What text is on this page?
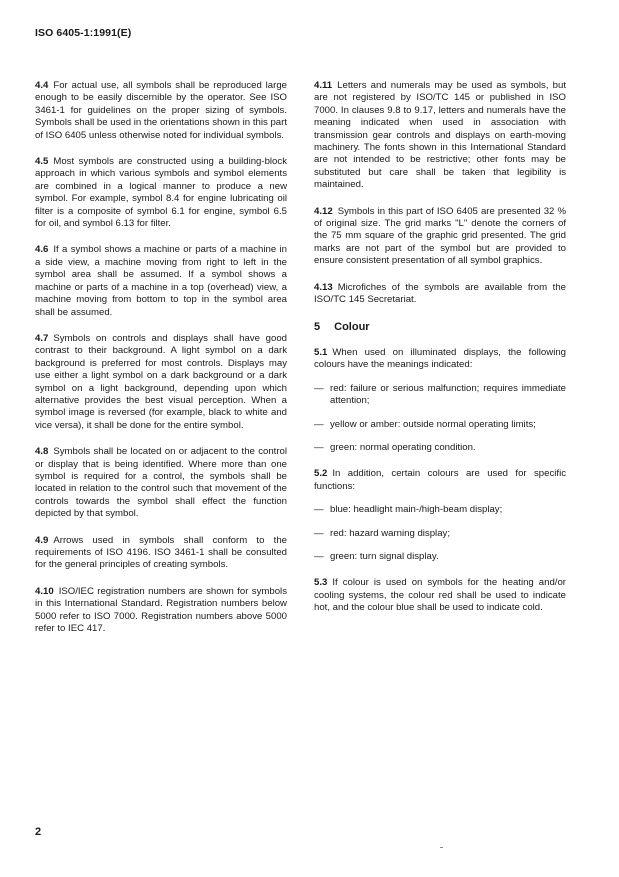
ISO 6405-1:1991(E)

4.4 For actual use, all symbols shall be reproduced large enough to be easily discernible by the operator. See ISO 3461-1 for guidelines on the proper sizing of symbols. Symbols shall be used in the orientations shown in this part of ISO 6405 unless otherwise noted for individual symbols.

4.5 Most symbols are constructed using a building-block approach in which various symbols and symbol elements are combined in a logical manner to produce a new symbol. For example, symbol 8.4 for engine lubricating oil filter is a composite of symbol 6.1 for engine, symbol 6.5 for oil, and symbol 6.13 for filter.

4.6 If a symbol shows a machine or parts of a machine in a side view, a machine moving from right to left in the symbol area shall be assumed. If a symbol shows a machine or parts of a machine in a top (overhead) view, a machine moving from bottom to top in the symbol area shall be assumed.

4.7 Symbols on controls and displays shall have good contrast to their background. A light symbol on a dark background is preferred for most controls. Displays may use either a light symbol on a dark background or a dark symbol on a light background, depending upon which alternative provides the best visual perception. When a symbol image is reversed (for example, black to white and vice versa), it shall be done for the entire symbol.

4.8 Symbols shall be located on or adjacent to the control or display that is being identified. Where more than one symbol is required for a control, the symbols shall be located in relation to the control such that movement of the controls towards the symbol shall effect the function depicted by that symbol.

4.9 Arrows used in symbols shall conform to the requirements of ISO 4196. ISO 3461-1 shall be consulted for the general principles of creating symbols.

4.10 ISO/IEC registration numbers are shown for symbols in this International Standard. Registration numbers below 5000 refer to ISO 7000. Registration numbers above 5000 refer to IEC 417.

4.11 Letters and numerals may be used as symbols, but are not registered by ISO/TC 145 or published in ISO 7000. In clauses 9.8 to 9.17, letters and numerals have the meaning indicated when used in association with transmission gear controls and displays on earth-moving machinery. The fonts shown in this International Standard are not intended to be restrictive; other fonts may be substituted but care shall be taken that legibility is maintained.

4.12 Symbols in this part of ISO 6405 are presented 32 % of original size. The grid marks "L" denote the corners of the 75 mm square of the graphic grid presented. The grid marks are not part of the symbol but are provided to ensure consistent presentation of all symbol graphics.

4.13 Microfiches of the symbols are available from the ISO/TC 145 Secretariat.

5 Colour

5.1 When used on illuminated displays, the following colours have the meanings indicated:

— red: failure or serious malfunction; requires immediate attention;
— yellow or amber: outside normal operating limits;
— green: normal operating condition.

5.2 In addition, certain colours are used for specific functions:

— blue: headlight main-/high-beam display;
— red: hazard warning display;
— green: turn signal display.

5.3 If colour is used on symbols for the heating and/or cooling systems, the colour red shall be used to indicate hot, and the colour blue shall be used to indicate cold.

2
